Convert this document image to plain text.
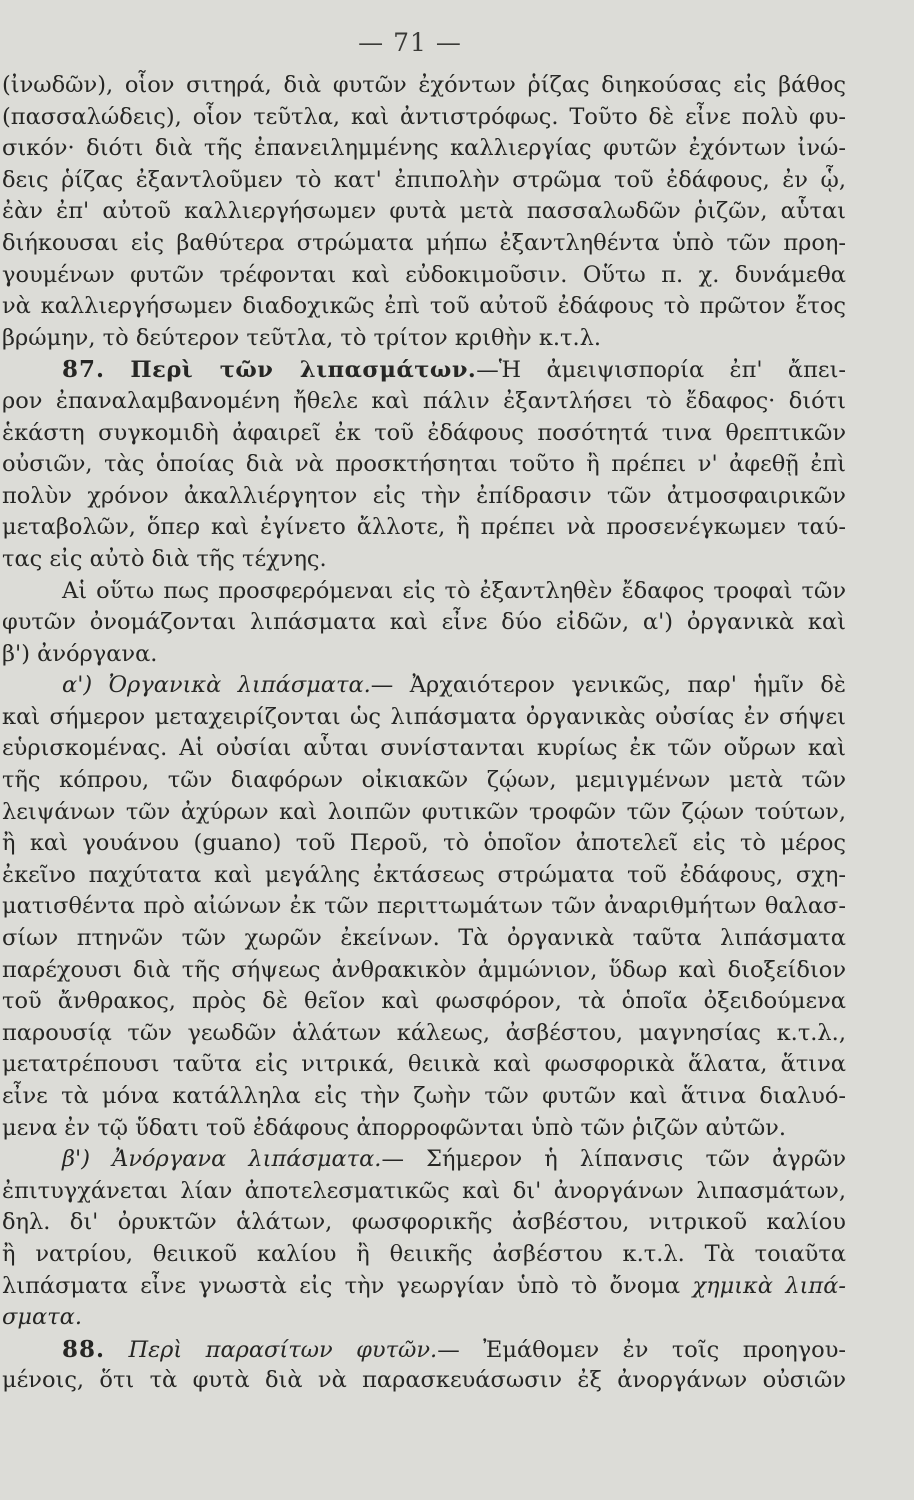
— 71 —
(ἰνωδῶν), οἷον σιτηρά, διὰ φυτῶν ἐχόντων ῥίζας διηκούσας εἰς βάθος
(πασσαλώδεις), οἷον τεῦτλα, καὶ ἀντιστρόφως. Τοῦτο δὲ εἶνε πολὺ φυ-
σικόν· διότι διὰ τῆς ἐπανειλημμένης καλλιεργίας φυτῶν ἐχόντων ἰνώ-
δεις ῥίζας ἐξαντλοῦμεν τὸ κατ' ἐπιπολὴν στρῶμα τοῦ ἐδάφους, ἐν ᾧ,
ἐὰν ἐπ' αὐτοῦ καλλιεργήσωμεν φυτὰ μετὰ πασσαλωδῶν ῥιζῶν, αὗται
διήκουσαι εἰς βαθύτερα στρώματα μήπω ἐξαντληθέντα ὑπὸ τῶν προη-
γουμένων φυτῶν τρέφονται καὶ εὐδοκιμοῦσιν. Οὕτω π. χ. δυνάμεθα
νὰ καλλιεργήσωμεν διαδοχικῶς ἐπὶ τοῦ αὐτοῦ ἐδάφους τὸ πρῶτον ἔτος
βρώμην, τὸ δεύτερον τεῦτλα, τὸ τρίτον κριθὴν κ.τ.λ.
87. Περὶ τῶν λιπασμάτων.—Ἡ ἀμειψισπορία ἐπ' ἄπει-
ρον ἐπαναλαμβανομένη ἤθελε καὶ πάλιν ἐξαντλήσει τὸ ἔδαφος· διότι
ἑκάστη συγκομιδὴ ἀφαιρεῖ ἐκ τοῦ ἐδάφους ποσότητά τινα θρεπτικῶν
οὐσιῶν, τὰς ὁποίας διὰ νὰ προσκτήσηται τοῦτο ἢ πρέπει ν' ἀφεθῇ ἐπὶ
πολὺν χρόνον ἀκαλλιέργητον εἰς τὴν ἐπίδρασιν τῶν ἀτμοσφαιρικῶν
μεταβολῶν, ὅπερ καὶ ἐγίνετο ἄλλοτε, ἢ πρέπει νὰ προσενέγκωμεν ταύ-
τας εἰς αὐτὸ διὰ τῆς τέχνης.
Αἱ οὕτω πως προσφερόμεναι εἰς τὸ ἐξαντληθὲν ἔδαφος τροφαὶ τῶν
φυτῶν ὀνομάζονται λιπάσματα καὶ εἶνε δύο εἰδῶν, α') ὀργανικὰ καὶ
β') ἀνόργανα.
α') Ὀργανικὰ λιπάσματα.— Ἀρχαιότερον γενικῶς, παρ' ἡμῖν δὲ
καὶ σήμερον μεταχειρίζονται ὡς λιπάσματα ὀργανικὰς οὐσίας ἐν σήψει
εὑρισκομένας. Αἱ οὐσίαι αὗται συνίστανται κυρίως ἐκ τῶν οὔρων καὶ
τῆς κόπρου, τῶν διαφόρων οἰκιακῶν ζῴων, μεμιγμένων μετὰ τῶν
λειψάνων τῶν ἀχύρων καὶ λοιπῶν φυτικῶν τροφῶν τῶν ζῴων τούτων,
ἢ καὶ γουάνου (guano) τοῦ Περοῦ, τὸ ὁποῖον ἀποτελεῖ εἰς τὸ μέρος
ἐκεῖνο παχύτατα καὶ μεγάλης ἐκτάσεως στρώματα τοῦ ἐδάφους, σχη-
ματισθέντα πρὸ αἰώνων ἐκ τῶν περιττωμάτων τῶν ἀναριθμήτων θαλασ-
σίων πτηνῶν τῶν χωρῶν ἐκείνων. Τὰ ὀργανικὰ ταῦτα λιπάσματα
παρέχουσι διὰ τῆς σήψεως ἀνθρακικὸν ἀμμώνιον, ὕδωρ καὶ διοξείδιον
τοῦ ἄνθρακος, πρὸς δὲ θεῖον καὶ φωσφόρον, τὰ ὁποῖα ὀξειδούμενα
παρουσίᾳ τῶν γεωδῶν ἁλάτων κάλεως, ἀσβέστου, μαγνησίας κ.τ.λ.,
μετατρέπουσι ταῦτα εἰς νιτρικά, θειικὰ καὶ φωσφορικὰ ἅλατα, ἅτινα
εἶνε τὰ μόνα κατάλληλα εἰς τὴν ζωὴν τῶν φυτῶν καὶ ἅτινα διαλυό-
μενα ἐν τῷ ὕδατι τοῦ ἐδάφους ἀπορροφῶνται ὑπὸ τῶν ῥιζῶν αὐτῶν.
β') Ἀνόργανα λιπάσματα.— Σήμερον ἡ λίπανσις τῶν ἀγρῶν
ἐπιτυγχάνεται λίαν ἀποτελεσματικῶς καὶ δι' ἀνοργάνων λιπασμάτων,
δηλ. δι' ὀρυκτῶν ἁλάτων, φωσφορικῆς ἀσβέστου, νιτρικοῦ καλίου
ἢ νατρίου, θειικοῦ καλίου ἢ θειικῆς ἀσβέστου κ.τ.λ. Τὰ τοιαῦτα
λιπάσματα εἶνε γνωστὰ εἰς τὴν γεωργίαν ὑπὸ τὸ ὄνομα χημικὰ λιπά-
σματα.
88. Περὶ παρασίτων φυτῶν.— Ἐμάθομεν ἐν τοῖς προηγου-
μένοις, ὅτι τὰ φυτὰ διὰ νὰ παρασκευάσωσιν ἐξ ἀνοργάνων οὐσιῶν
